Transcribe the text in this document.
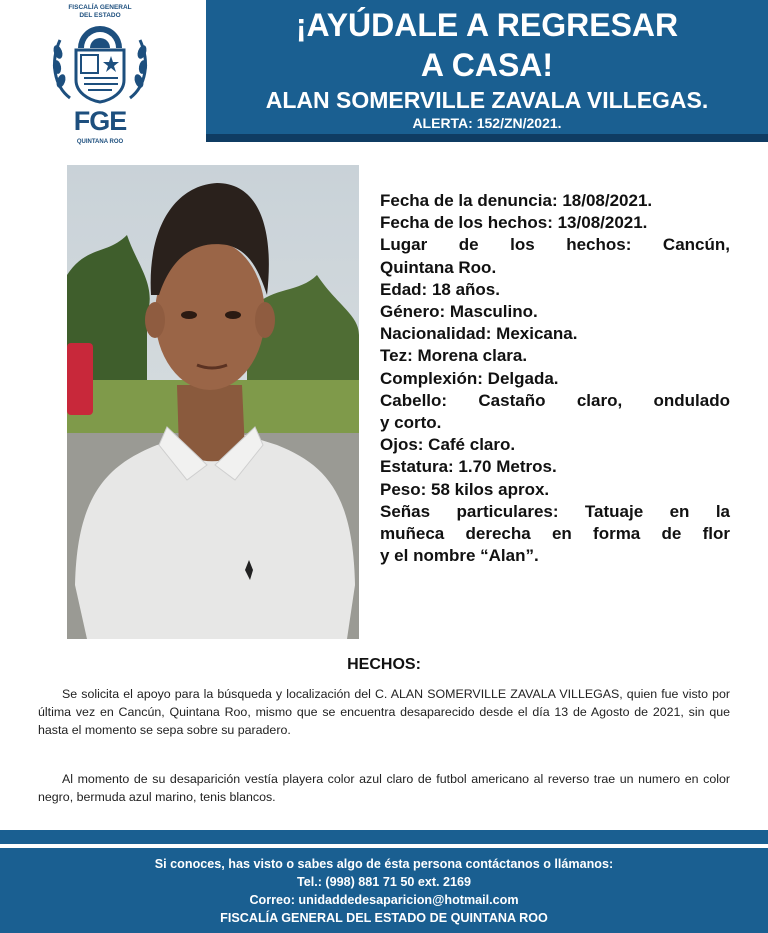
FISCALÍA GENERAL
DEL ESTADO
FGE
QUINTANA ROO
¡AYÚDALE A REGRESAR
A CASA!
ALAN SOMERVILLE ZAVALA VILLEGAS.
ALERTA: 152/ZN/2021.
Fecha de la denuncia: 18/08/2021.
Fecha de los hechos: 13/08/2021.
Lugar de los hechos: Cancún,
Quintana Roo.
Edad: 18 años.
Género: Masculino.
Nacionalidad: Mexicana.
Tez: Morena clara.
Complexión: Delgada.
Cabello: Castaño claro, ondulado
y corto.
Ojos: Café claro.
Estatura: 1.70 Metros.
Peso: 58 kilos aprox.
Señas particulares: Tatuaje en la
muñeca derecha en forma de flor
y el nombre “Alan”.
HECHOS:
Se solicita el apoyo para la búsqueda y localización del C. ALAN SOMERVILLE ZAVALA VILLEGAS, quien fue visto por última vez en Cancún, Quintana Roo, mismo que se encuentra desaparecido desde el día 13 de Agosto de 2021, sin que hasta el momento se sepa sobre su paradero.
Al momento de su desaparición vestía playera color azul claro de futbol americano al reverso trae un numero en color negro, bermuda azul marino, tenis blancos.
Si conoces, has visto o sabes algo de ésta persona contáctanos o llámanos:
Tel.: (998) 881 71 50 ext. 2169
Correo: unidaddedesaparicion@hotmail.com
FISCALÍA GENERAL DEL ESTADO DE QUINTANA ROO
